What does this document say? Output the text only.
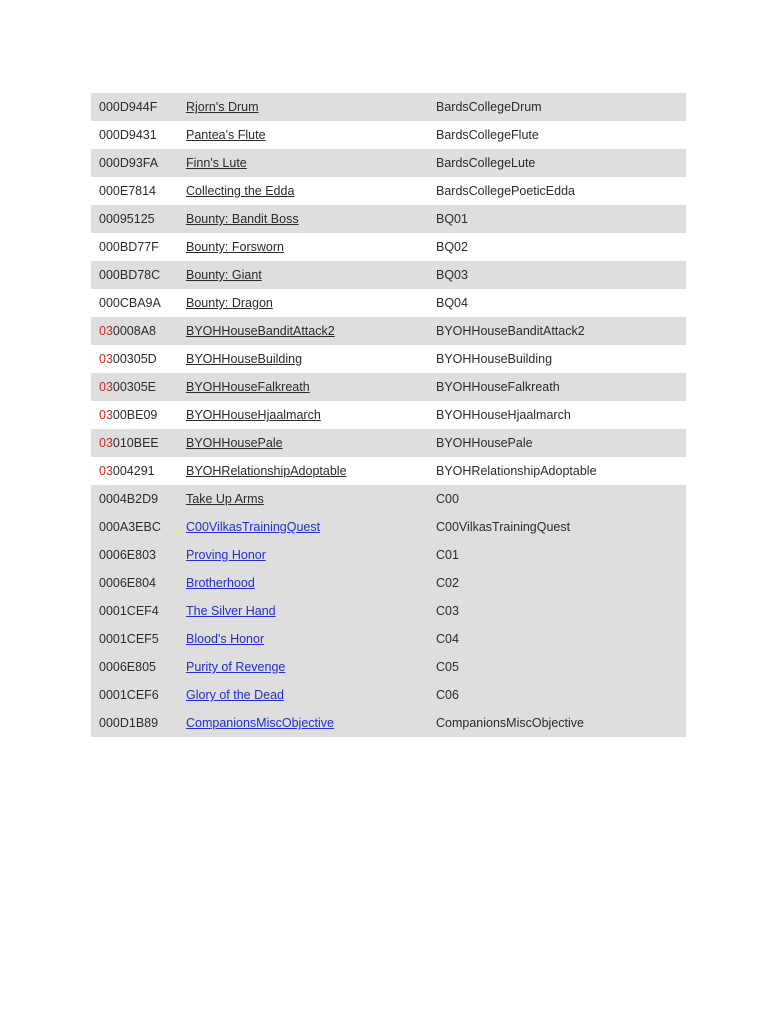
000D944F	Rjorn's Drum	BardsCollegeDrum

000D9431	Pantea's Flute	BardsCollegeFlute

000D93FA	Finn's Lute	BardsCollegeLute

000E7814	Collecting the Edda	BardsCollegePoeticEdda

00095125	Bounty: Bandit Boss	BQ01

000BD77F	Bounty: Forsworn	BQ02

000BD78C	Bounty: Giant	BQ03

000CBA9A	Bounty: Dragon	BQ04

030008A8	BYOHHouseBanditAttack2	BYOHHouseBanditAttack2

0300305D	BYOHHouseBuilding	BYOHHouseBuilding

0300305E	BYOHHouseFalkreath	BYOHHouseFalkreath

0300BE09	BYOHHouseHjaalmarch	BYOHHouseHjaalmarch

03010BEE	BYOHHousePale	BYOHHousePale

03004291	BYOHRelationshipAdoptable	BYOHRelationshipAdoptable

0004B2D9	Take Up Arms	C00

000A3EBC	C00VilkasTrainingQuest	C00VilkasTrainingQuest

0006E803	Proving Honor	C01

0006E804	Brotherhood	C02

0001CEF4	The Silver Hand	C03

0001CEF5	Blood's Honor	C04

0006E805	Purity of Revenge	C05

0001CEF6	Glory of the Dead	C06

000D1B89	CompanionsMiscObjective	CompanionsMiscObjective
